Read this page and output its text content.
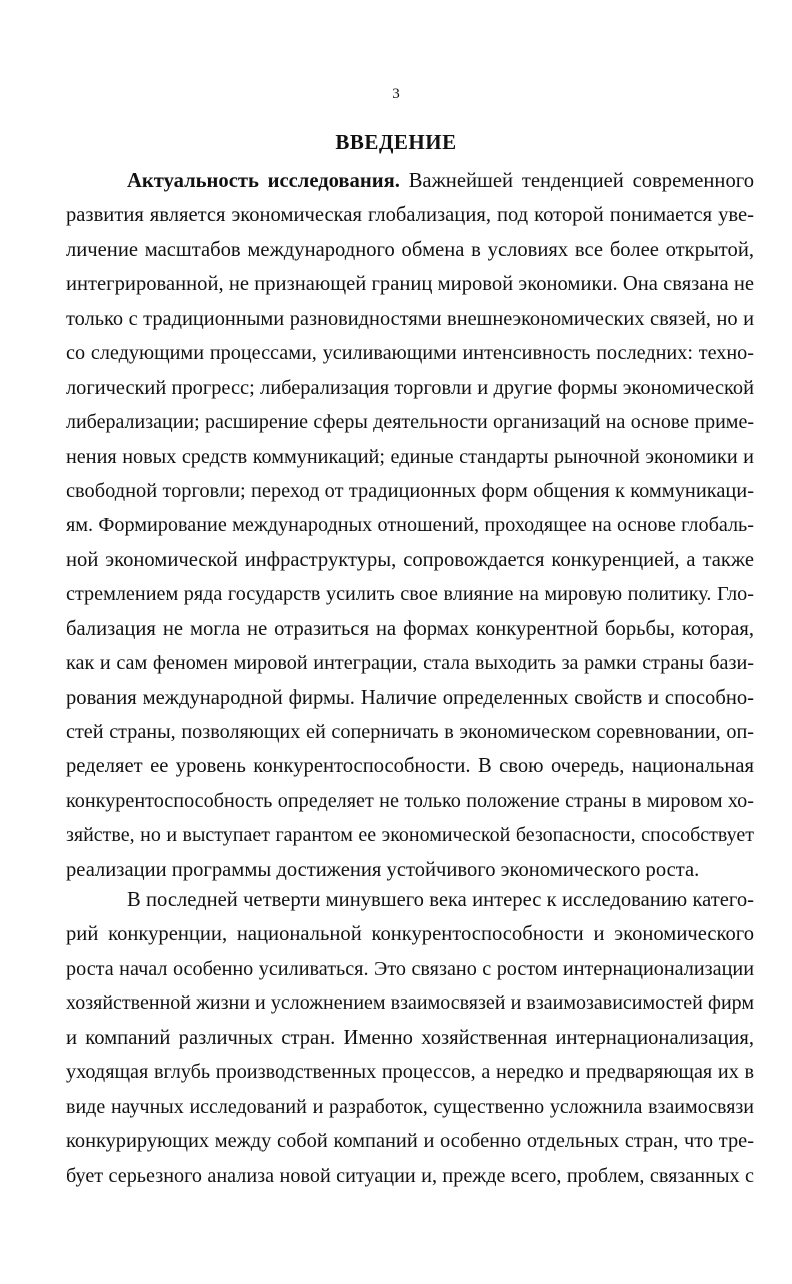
3
ВВЕДЕНИЕ
Актуальность исследования. Важнейшей тенденцией современного
развития является экономическая глобализация, под которой понимается уве-
личение масштабов международного обмена в условиях все более открытой,
интегрированной, не признающей границ мировой экономики. Она связана не
только с традиционными разновидностями внешнеэкономических связей, но и
со следующими процессами, усиливающими интенсивность последних: техно-
логический прогресс; либерализация торговли и другие формы экономической
либерализации; расширение сферы деятельности организаций на основе приме-
нения новых средств коммуникаций; единые стандарты рыночной экономики и
свободной торговли; переход от традиционных форм общения к коммуникаци-
ям. Формирование международных отношений, проходящее на основе глобаль-
ной экономической инфраструктуры, сопровождается конкуренцией, а также
стремлением ряда государств усилить свое влияние на мировую политику. Гло-
бализация не могла не отразиться на формах конкурентной борьбы, которая,
как и сам феномен мировой интеграции, стала выходить за рамки страны бази-
рования международной фирмы. Наличие определенных свойств и способно-
стей страны, позволяющих ей соперничать в экономическом соревновании, оп-
ределяет ее уровень конкурентоспособности. В свою очередь, национальная
конкурентоспособность определяет не только положение страны в мировом хо-
зяйстве, но и выступает гарантом ее экономической безопасности, способствует
реализации программы достижения устойчивого экономического роста.
В последней четверти минувшего века интерес к исследованию катего-
рий конкуренции, национальной конкурентоспособности и экономического
роста начал особенно усиливаться. Это связано с ростом интернационализации
хозяйственной жизни и усложнением взаимосвязей и взаимозависимостей фирм
и компаний различных стран. Именно хозяйственная интернационализация,
уходящая вглубь производственных процессов, а нередко и предваряющая их в
виде научных исследований и разработок, существенно усложнила взаимосвязи
конкурирующих между собой компаний и особенно отдельных стран, что тре-
бует серьезного анализа новой ситуации и, прежде всего, проблем, связанных с
